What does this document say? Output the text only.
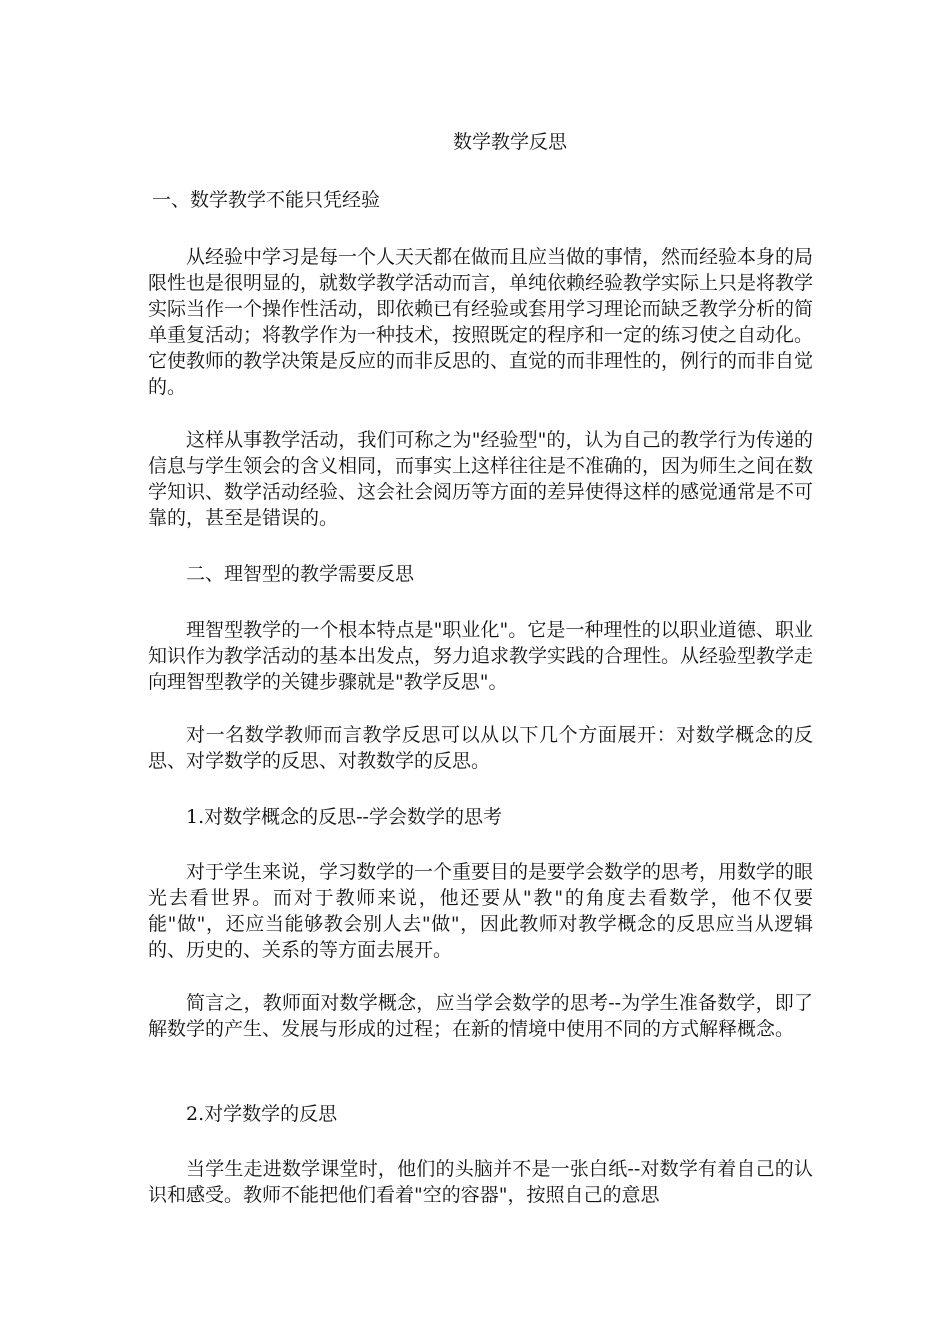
数学教学反思
一、数学教学不能只凭经验
从经验中学习是每一个人天天都在做而且应当做的事情，然而经验本身的局限性也是很明显的，就数学教学活动而言，单纯依赖经验教学实际上只是将教学实际当作一个操作性活动，即依赖已有经验或套用学习理论而缺乏教学分析的简单重复活动；将教学作为一种技术，按照既定的程序和一定的练习使之自动化。它使教师的教学决策是反应的而非反思的、直觉的而非理性的，例行的而非自觉的。
这样从事教学活动，我们可称之为"经验型"的，认为自己的教学行为传递的信息与学生领会的含义相同，而事实上这样往往是不准确的，因为师生之间在数学知识、数学活动经验、这会社会阅历等方面的差异使得这样的感觉通常是不可靠的，甚至是错误的。
二、理智型的教学需要反思
理智型教学的一个根本特点是"职业化"。它是一种理性的以职业道德、职业知识作为教学活动的基本出发点，努力追求教学实践的合理性。从经验型教学走向理智型教学的关键步骤就是"教学反思"。
对一名数学教师而言教学反思可以从以下几个方面展开：对数学概念的反思、对学数学的反思、对教数学的反思。
1.对数学概念的反思--学会数学的思考
对于学生来说，学习数学的一个重要目的是要学会数学的思考，用数学的眼光去看世界。而对于教师来说，他还要从"教"的角度去看数学，他不仅要能"做"，还应当能够教会别人去"做"，因此教师对教学概念的反思应当从逻辑的、历史的、关系的等方面去展开。
简言之，教师面对数学概念，应当学会数学的思考--为学生准备数学，即了解数学的产生、发展与形成的过程；在新的情境中使用不同的方式解释概念。
2.对学数学的反思
当学生走进数学课堂时，他们的头脑并不是一张白纸--对数学有着自己的认识和感受。教师不能把他们看着"空的容器"，按照自己的意思
